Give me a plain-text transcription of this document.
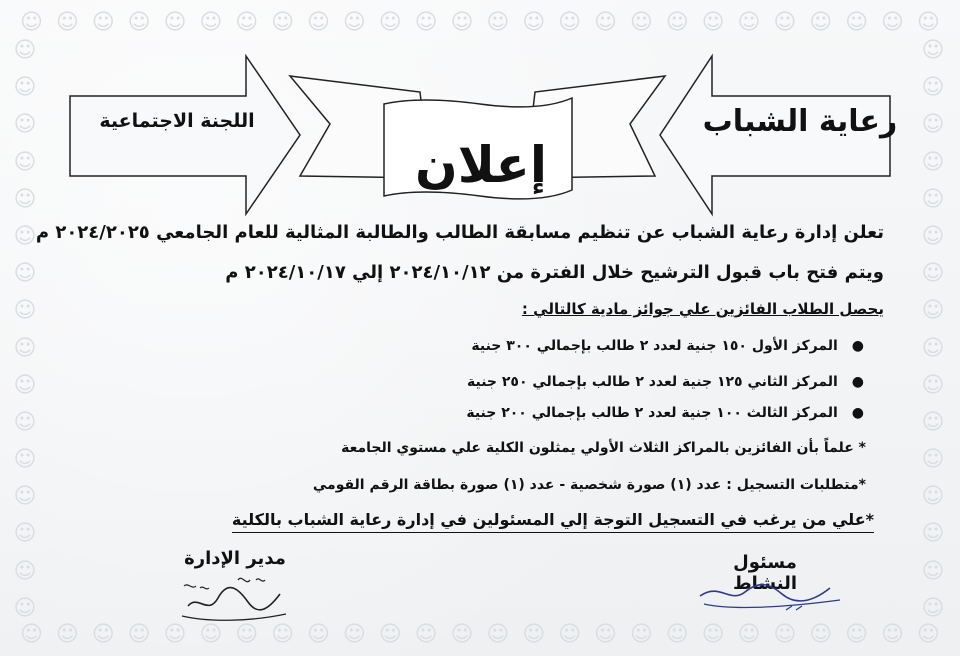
☺ ☺ ☺ ☺ ☺ ☺ ☺ ☺ ☺ ☺ ☺ ☺ ☺ ☺ ☺ ☺ ☺ ☺ ☺ ☺ ☺ ☺ ☺ ☺ ☺ ☺
☺ ☺ ☺ ☺ ☺ ☺ ☺ ☺ ☺ ☺ ☺ ☺ ☺ ☺ ☺ ☺ ☺ ☺ ☺ ☺ ☺ ☺ ☺ ☺ ☺ ☺
☺
☺
☺
☺
☺
☺
☺
☺
☺
☺
☺
☺
☺
☺
☺
☺
☺
☺
☺
☺
☺
☺
☺
☺
☺
☺
☺
☺
☺
☺
☺
☺
رعاية الشباب
اللجنة الاجتماعية
إعلان
تعلن إدارة رعاية الشباب عن تنظيم مسابقة الطالب والطالبة المثالية للعام الجامعي ٢٠٢٤/٢٠٢٥ م
ويتم فتح باب قبول الترشيح خلال الفترة من ٢٠٢٤/١٠/١٢ إلي ٢٠٢٤/١٠/١٧ م
يحصل الطلاب الفائزين علي جوائز مادية كالتالي :
●المركز الأول ١٥٠ جنية لعدد ٢ طالب بإجمالي ٣٠٠ جنية
●المركز الثاني ١٢٥ جنية لعدد ٢ طالب بإجمالي ٢٥٠ جنية
●المركز الثالث ١٠٠ جنية لعدد ٢ طالب بإجمالي ٢٠٠ جنية
* علماً بأن الفائزين بالمراكز الثلاث الأولي يمثلون الكلية علي مستوي الجامعة
*متطلبات التسجيل : عدد (١) صورة شخصية - عدد (١) صورة بطاقة الرقم القومي
*علي من يرغب في التسجيل التوجة إلي المسئولين في إدارة رعاية الشباب بالكلية
مسئول النشاط
مدير الإدارة
